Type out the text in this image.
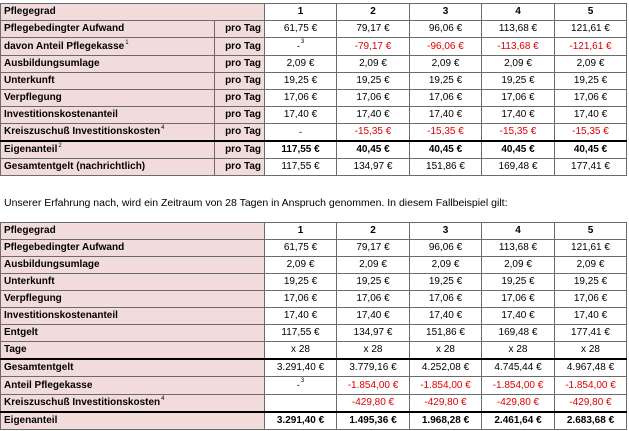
Pflegegrad		1	2	3	4	5
Pflegebedingter Aufwand	pro Tag	61,75 €	79,17 €	96,06 €	113,68 €	121,61 €
davon Anteil Pflegekasse$^1$	pro Tag	-$^3$	-79,17 €	-96,06 €	-113,68 €	-121,61 €
Ausbildungsumlage	pro Tag	2,09 €	2,09 €	2,09 €	2,09 €	2,09 €
Unterkunft	pro Tag	19,25 €	19,25 €	19,25 €	19,25 €	19,25 €
Verpflegung	pro Tag	17,06 €	17,06 €	17,06 €	17,06 €	17,06 €
Investitionskostenanteil	pro Tag	17,40 €	17,40 €	17,40 €	17,40 €	17,40 €
Kreiszuschuß Investitionskosten$^4$	pro Tag	-	-15,35 €	-15,35 €	-15,35 €	-15,35 €
Eigenanteil$^2$	pro Tag	117,55 €	40,45 €	40,45 €	40,45 €	40,45 €
Gesamtentgelt (nachrichtlich)	pro Tag	117,55 €	134,97 €	151,86 €	169,48 €	177,41 €
Unserer Erfahrung nach, wird ein Zeitraum von 28 Tagen in Anspruch genommen. In diesem Fallbeispiel gilt:
Pflegegrad	1	2	3	4	5
Pflegebedingter Aufwand	61,75 €	79,17 €	96,06 €	113,68 €	121,61 €
Ausbildungsumlage	2,09 €	2,09 €	2,09 €	2,09 €	2,09 €
Unterkunft	19,25 €	19,25 €	19,25 €	19,25 €	19,25 €
Verpflegung	17,06 €	17,06 €	17,06 €	17,06 €	17,06 €
Investitionskostenanteil	17,40 €	17,40 €	17,40 €	17,40 €	17,40 €
Entgelt	117,55 €	134,97 €	151,86 €	169,48 €	177,41 €
Tage	x 28	x 28	x 28	x 28	x 28
Gesamtentgelt	3.291,40 €	3.779,16 €	4.252,08 €	4.745,44 €	4.967,48 €
Anteil Pflegekasse	-$^3$	-1.854,00 €	-1.854,00 €	-1.854,00 €	-1.854,00 €
Kreiszuschuß Investitionskosten$^4$		-429,80 €	-429,80 €	-429,80 €	-429,80 €
Eigenanteil	3.291,40 €	1.495,36 €	1.968,28 €	2.461,64 €	2.683,68 €
